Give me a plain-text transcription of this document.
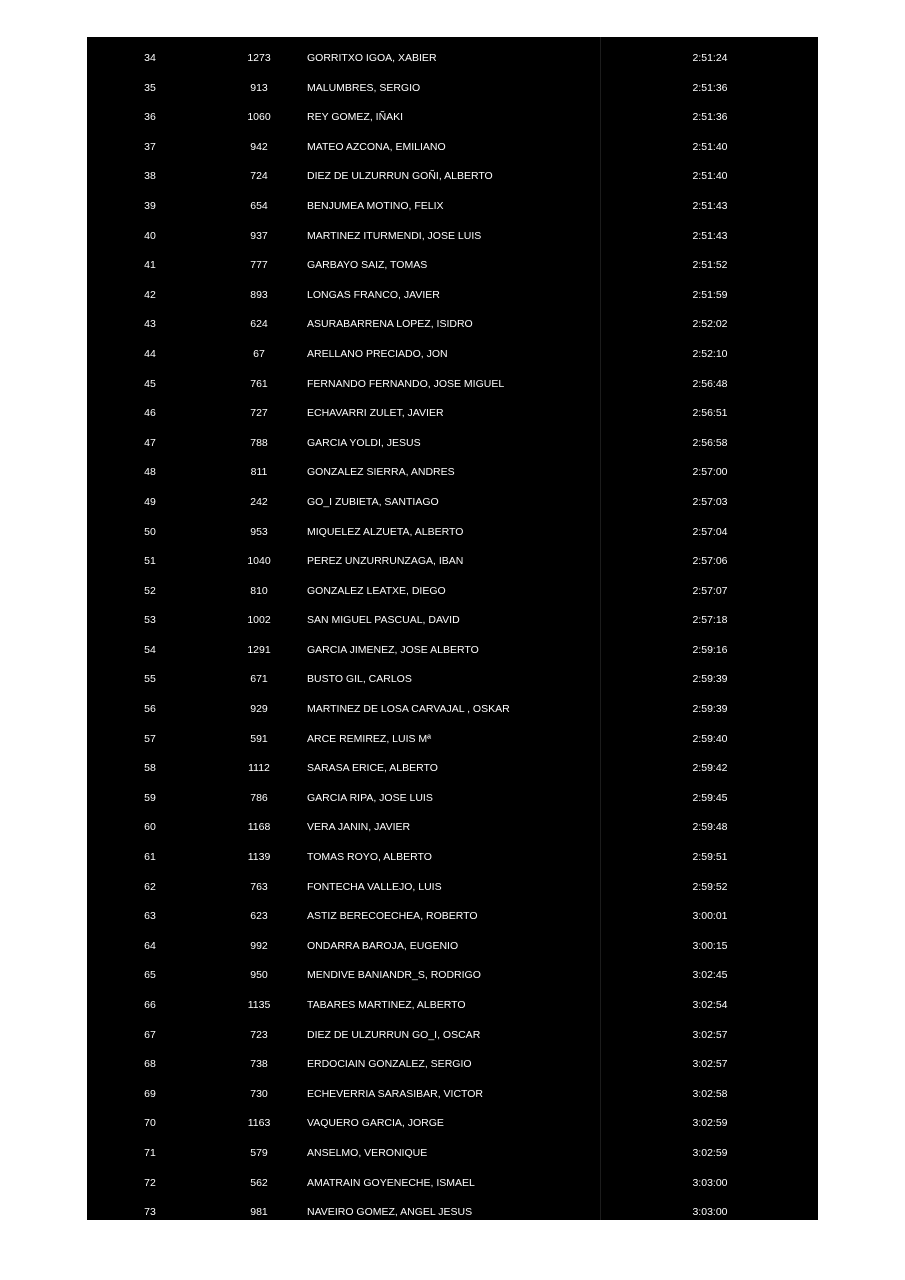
34	1273	GORRITXO IGOA, XABIER	2:51:24
35	913	MALUMBRES, SERGIO	2:51:36
36	1060	REY GOMEZ, IÑAKI	2:51:36
37	942	MATEO AZCONA, EMILIANO	2:51:40
38	724	DIEZ DE ULZURRUN GOÑI, ALBERTO	2:51:40
39	654	BENJUMEA MOTINO, FELIX	2:51:43
40	937	MARTINEZ ITURMENDI, JOSE LUIS	2:51:43
41	777	GARBAYO SAIZ, TOMAS	2:51:52
42	893	LONGAS FRANCO, JAVIER	2:51:59
43	624	ASURABARRENA LOPEZ, ISIDRO	2:52:02
44	67	ARELLANO PRECIADO, JON	2:52:10
45	761	FERNANDO FERNANDO, JOSE MIGUEL	2:56:48
46	727	ECHAVARRI ZULET, JAVIER	2:56:51
47	788	GARCIA YOLDI, JESUS	2:56:58
48	811	GONZALEZ SIERRA, ANDRES	2:57:00
49	242	GO_I ZUBIETA, SANTIAGO	2:57:03
50	953	MIQUELEZ ALZUETA, ALBERTO	2:57:04
51	1040	PEREZ UNZURRUNZAGA, IBAN	2:57:06
52	810	GONZALEZ LEATXE, DIEGO	2:57:07
53	1002	SAN MIGUEL PASCUAL, DAVID	2:57:18
54	1291	GARCIA JIMENEZ, JOSE ALBERTO	2:59:16
55	671	BUSTO GIL, CARLOS	2:59:39
56	929	MARTINEZ DE LOSA CARVAJAL , OSKAR	2:59:39
57	591	ARCE REMIREZ, LUIS Mª	2:59:40
58	1112	SARASA ERICE, ALBERTO	2:59:42
59	786	GARCIA RIPA, JOSE LUIS	2:59:45
60	1168	VERA JANIN, JAVIER	2:59:48
61	1139	TOMAS ROYO, ALBERTO	2:59:51
62	763	FONTECHA VALLEJO, LUIS	2:59:52
63	623	ASTIZ BERECOECHEA, ROBERTO	3:00:01
64	992	ONDARRA BAROJA, EUGENIO	3:00:15
65	950	MENDIVE BANIANDR_S, RODRIGO	3:02:45
66	1135	TABARES MARTINEZ, ALBERTO	3:02:54
67	723	DIEZ DE ULZURRUN GO_I, OSCAR	3:02:57
68	738	ERDOCIAIN GONZALEZ, SERGIO	3:02:57
69	730	ECHEVERRIA SARASIBAR, VICTOR	3:02:58
70	1163	VAQUERO GARCIA, JORGE	3:02:59
71	579	ANSELMO, VERONIQUE	3:02:59
72	562	AMATRAIN GOYENECHE, ISMAEL	3:03:00
73	981	NAVEIRO GOMEZ, ANGEL JESUS	3:03:00
